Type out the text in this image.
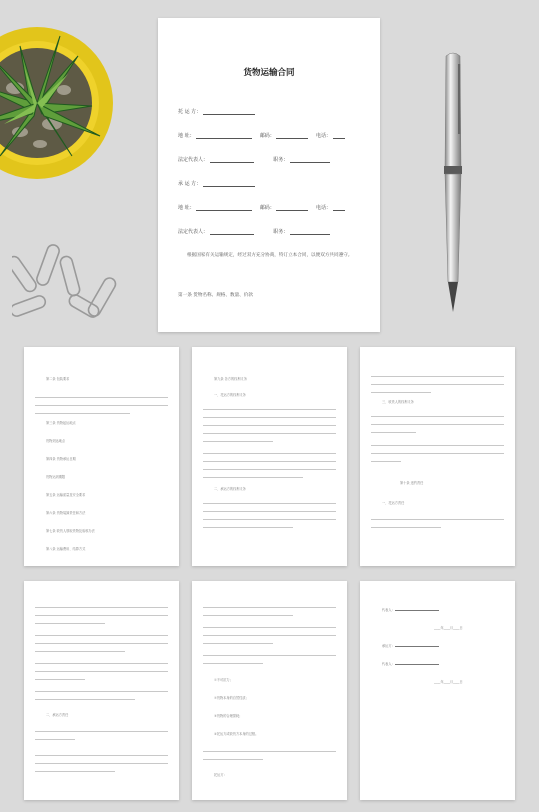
货物运输合同
托 运 方：
地 址：	邮码：	电话：
法定代表人：	职务：
承 运 方：
地 址：	邮码：	电话：
法定代表人：	职务：
根据国家有关运输规定，经过双方充分协商，特订立本合同，以便双方共同遵守。
第一条 货物名称、规格、数量、价款
第二条 包装要求
第三条 货物起运地点
货物到达地点
第四条 货物承运日期
货物运到期限
第五条 运输质量及安全要求
第六条 货物装卸责任和方法
第七条 收货人领取货物及验收办法
第八条 运输费用、结算方式
第九条 各方的权利义务
一、托运方的权利义务
二、承运方的权利义务
三、收货人的权利义务
第十条 违约责任
一、托运方责任
二、承运方责任
①不可抗力；
②货物本身的自然性质；
③货物的合理损耗；
④托运方或收货方本身的过错。
托运方：
代表人：
____年____月____日
承运方：
代表人：
____年____月____日
